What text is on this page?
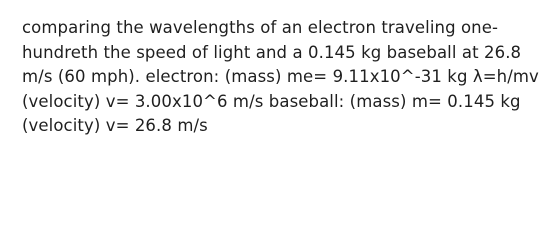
comparing the wavelengths of an electron traveling one-hundreth the speed of light and a 0.145 kg baseball at 26.8 m/s (60 mph). electron: (mass) me= 9.11x10^-31 kg λ=h/mv (velocity) v= 3.00x10^6 m/s baseball: (mass) m= 0.145 kg (velocity) v= 26.8 m/s
